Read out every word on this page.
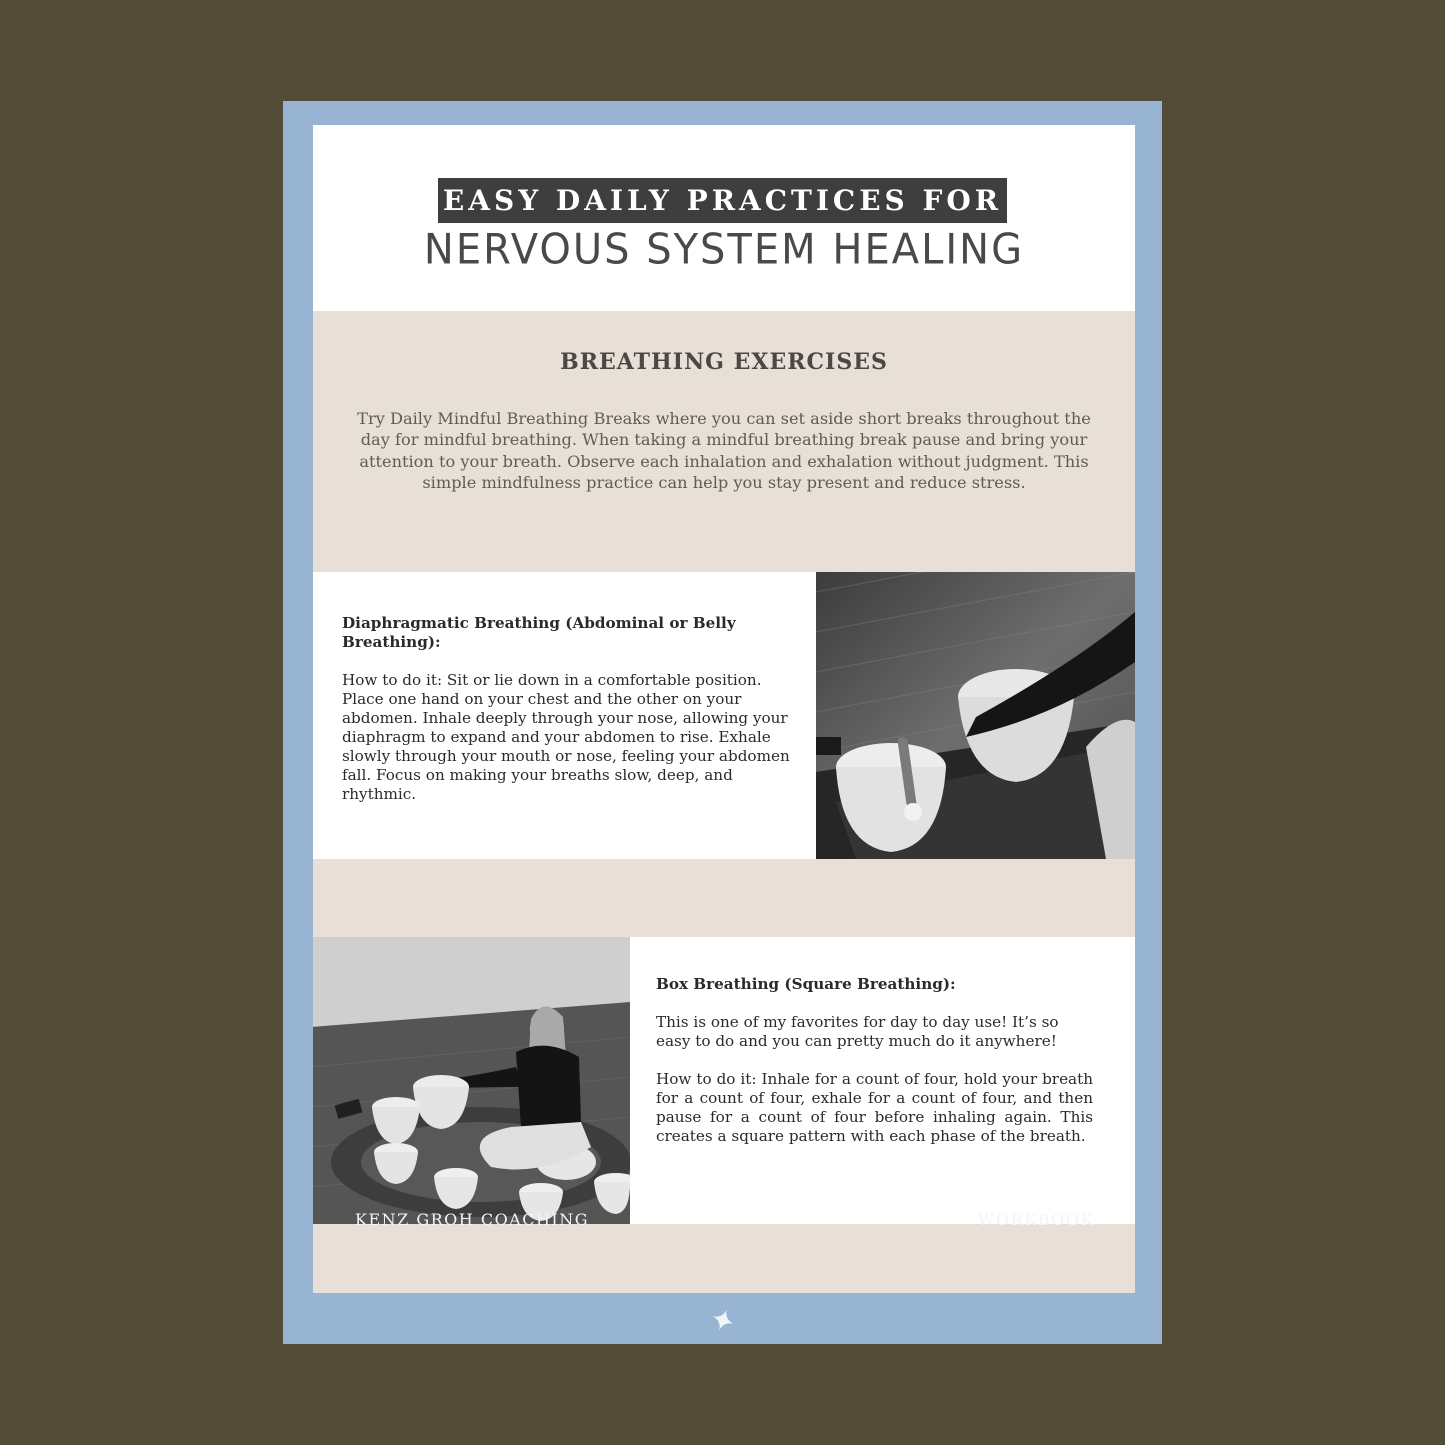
EASY DAILY PRACTICES FOR
NERVOUS SYSTEM HEALING
BREATHING EXERCISES
Try Daily Mindful Breathing Breaks where you can set aside short breaks throughout the day for mindful breathing. When taking a mindful breathing break pause and bring your attention to your breath. Observe each inhalation and exhalation without judgment. This simple mindfulness practice can help you stay present and reduce stress.

Diaphragmatic Breathing (Abdominal or Belly Breathing):

How to do it: Sit or lie down in a comfortable position. Place one hand on your chest and the other on your abdomen. Inhale deeply through your nose, allowing your diaphragm to expand and your abdomen to rise. Exhale slowly through your mouth or nose, feeling your abdomen fall. Focus on making your breaths slow, deep, and rhythmic.

Box Breathing (Square Breathing):

This is one of my favorites for day to day use! It’s so easy to do and you can pretty much do it anywhere!

How to do it: Inhale for a count of four, hold your breath for a count of four, exhale for a count of four, and then pause for a count of four before inhaling again. This creates a square pattern with each phase of the breath.

KENZ GROH COACHING	WORKBOOK
